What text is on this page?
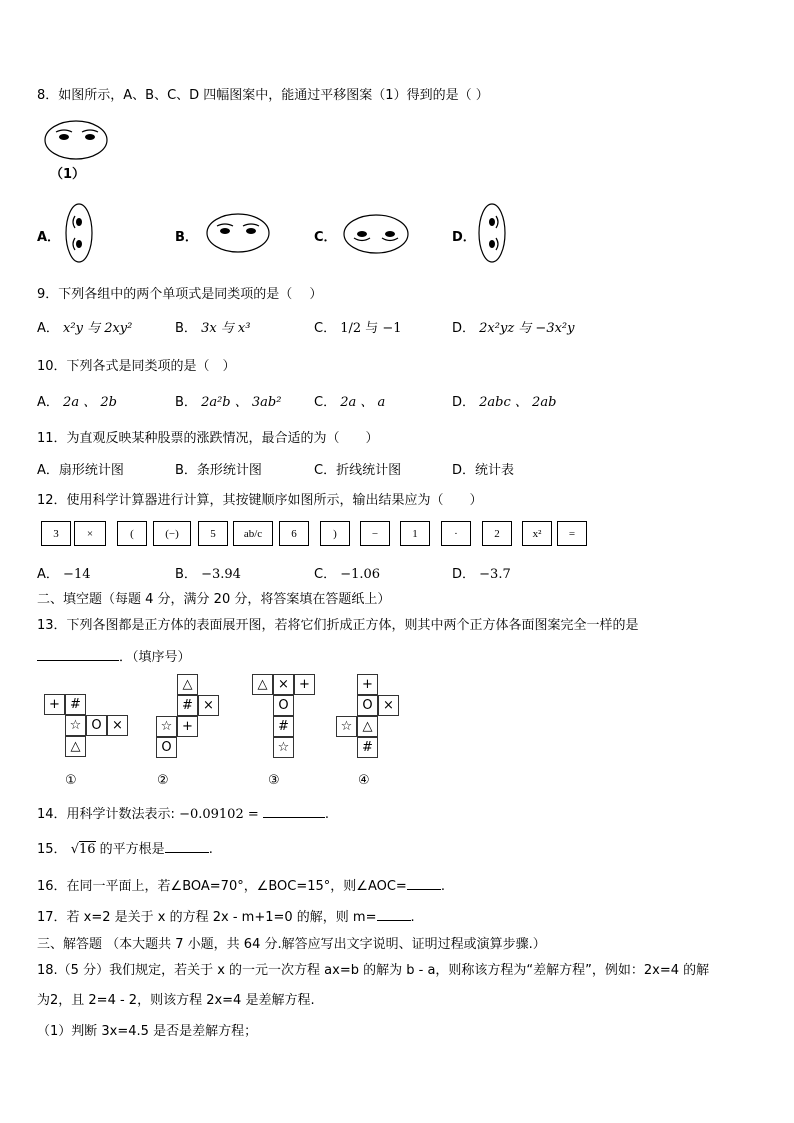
8．如图所示，A、B、C、D 四幅图案中，能通过平移图案（1）得到的是（ ）
（1）
A．	B．	C．	D．
9．下列各组中的两个单项式是同类项的是（　 ）
A． x²y 与 2xy²	B． 3x 与 x³	C． 1/2 与 −1	D． 2x²yz 与 −3x²y
10．下列各式是同类项的是（　）
A． 2a 、 2b	B． 2a²b 、 3ab²	C． 2a 、 a	D． 2abc 、 2ab
11．为直观反映某种股票的涨跌情况，最合适的为（　　）
A．扇形统计图	B．条形统计图	C．折线统计图	D．统计表
12．使用科学计算器进行计算，其按键顺序如图所示，输出结果应为（　　）
3	×	(	(−)	5	ab/c	6	)	−	1	·	2	x²	=
A． −14	B． −3.94	C． −1.06	D． −3.7
二、填空题（每题 4 分，满分 20 分，将答案填在答题纸上）
13．下列各图都是正方体的表面展开图，若将它们折成正方体，则其中两个正方体各面图案完全一样的是
．（填序号）
+ #
☆ O ×
△
①
△
# ×
☆ +
O
②
△ × +
O
#
☆
③
+
O ×
☆ △
#
④
14．用科学计数法表示: −0.09102 =	.
15． √16 的平方根是	.
16．在同一平面上，若∠BOA=70°，∠BOC=15°，则∠AOC=	.
17．若 x=2 是关于 x 的方程 2x - m+1=0 的解，则 m=	.
三、解答题 （本大题共 7 小题，共 64 分.解答应写出文字说明、证明过程或演算步骤.）
18.（5 分）我们规定，若关于 x 的一元一次方程 ax=b 的解为 b - a，则称该方程为“差解方程”，例如：2x=4 的解
为2，且 2=4 - 2，则该方程 2x=4 是差解方程.
（1）判断 3x=4.5 是否是差解方程；
